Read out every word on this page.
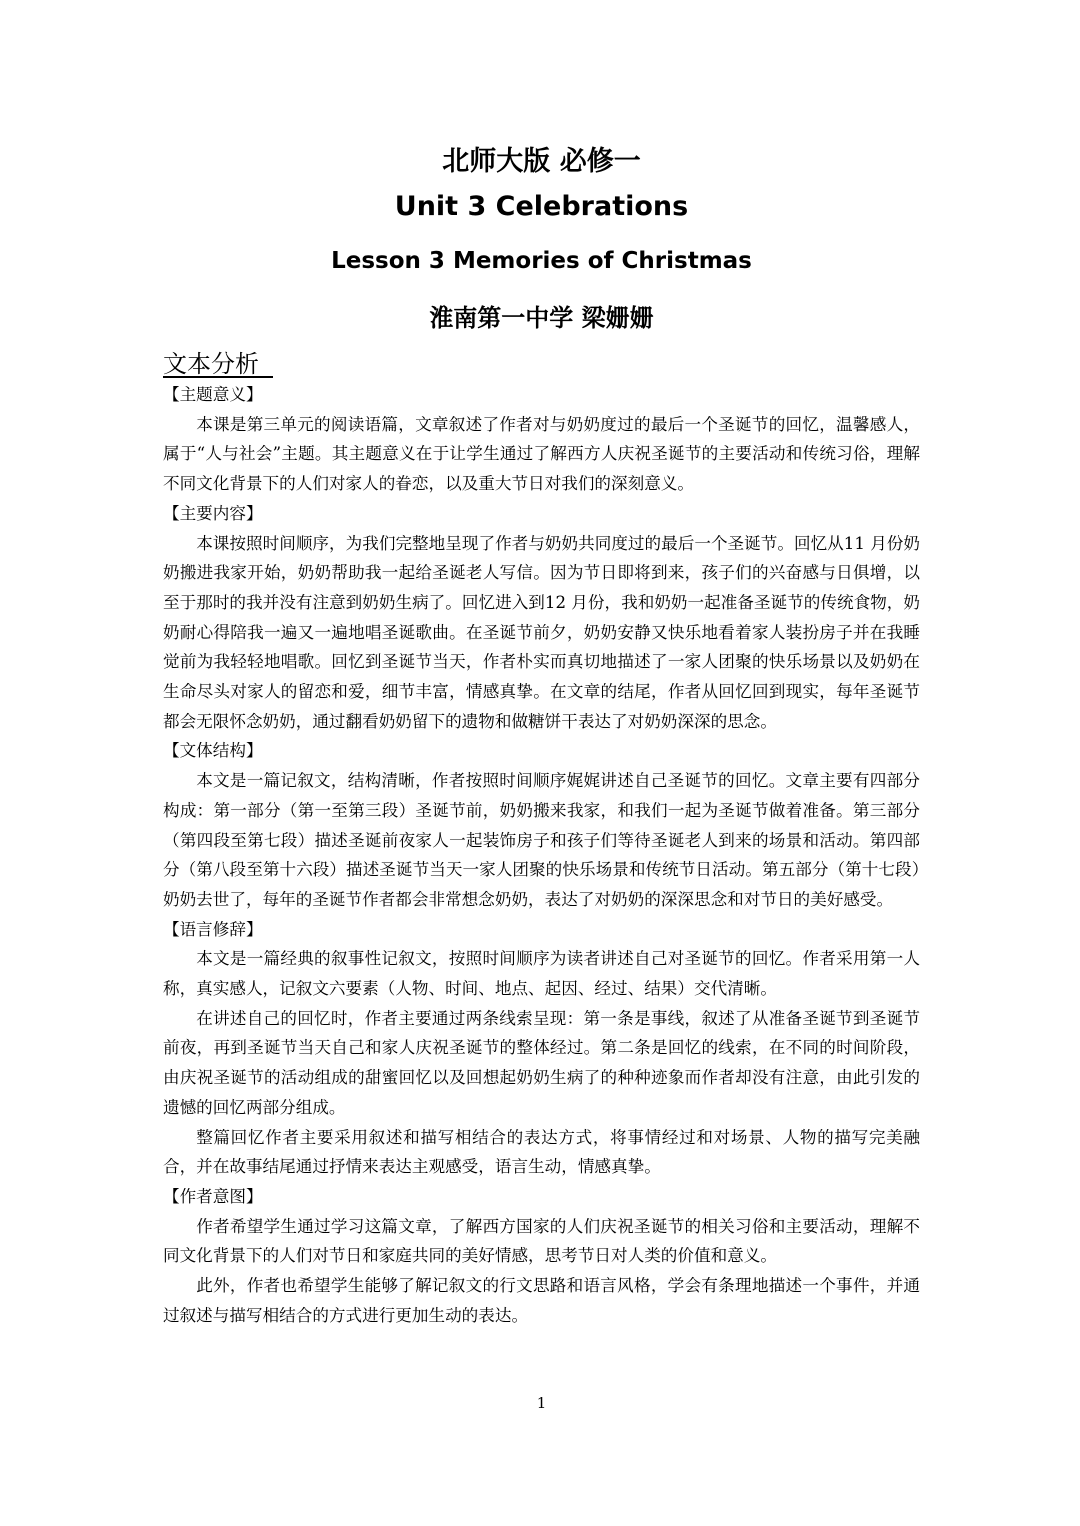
北师大版 必修一
Unit 3 Celebrations
Lesson 3 Memories of Christmas
淮南第一中学 梁姗姗
文本分析

【主题意义】

本课是第三单元的阅读语篇，文章叙述了作者对与奶奶度过的最后一个圣诞节的回忆，温馨感人，属于“人与社会”主题。其主题意义在于让学生通过了解西方人庆祝圣诞节的主要活动和传统习俗，理解不同文化背景下的人们对家人的眷恋，以及重大节日对我们的深刻意义。

【主要内容】

本课按照时间顺序，为我们完整地呈现了作者与奶奶共同度过的最后一个圣诞节。回忆从11 月份奶奶搬进我家开始，奶奶帮助我一起给圣诞老人写信。因为节日即将到来，孩子们的兴奋感与日俱增，以至于那时的我并没有注意到奶奶生病了。回忆进入到12 月份，我和奶奶一起准备圣诞节的传统食物，奶奶耐心得陪我一遍又一遍地唱圣诞歌曲。在圣诞节前夕，奶奶安静又快乐地看着家人装扮房子并在我睡觉前为我轻轻地唱歌。回忆到圣诞节当天，作者朴实而真切地描述了一家人团聚的快乐场景以及奶奶在生命尽头对家人的留恋和爱，细节丰富，情感真挚。在文章的结尾，作者从回忆回到现实，每年圣诞节都会无限怀念奶奶，通过翻看奶奶留下的遗物和做糖饼干表达了对奶奶深深的思念。

【文体结构】

本文是一篇记叙文，结构清晰，作者按照时间顺序娓娓讲述自己圣诞节的回忆。文章主要有四部分构成：第一部分（第一至第三段）圣诞节前，奶奶搬来我家，和我们一起为圣诞节做着准备。第三部分（第四段至第七段）描述圣诞前夜家人一起装饰房子和孩子们等待圣诞老人到来的场景和活动。第四部分（第八段至第十六段）描述圣诞节当天一家人团聚的快乐场景和传统节日活动。第五部分（第十七段）奶奶去世了，每年的圣诞节作者都会非常想念奶奶，表达了对奶奶的深深思念和对节日的美好感受。

【语言修辞】

本文是一篇经典的叙事性记叙文，按照时间顺序为读者讲述自己对圣诞节的回忆。作者采用第一人称，真实感人，记叙文六要素（人物、时间、地点、起因、经过、结果）交代清晰。

在讲述自己的回忆时，作者主要通过两条线索呈现：第一条是事线，叙述了从准备圣诞节到圣诞节前夜，再到圣诞节当天自己和家人庆祝圣诞节的整体经过。第二条是回忆的线索，在不同的时间阶段，由庆祝圣诞节的活动组成的甜蜜回忆以及回想起奶奶生病了的种种迹象而作者却没有注意，由此引发的遗憾的回忆两部分组成。

整篇回忆作者主要采用叙述和描写相结合的表达方式，将事情经过和对场景、人物的描写完美融合，并在故事结尾通过抒情来表达主观感受，语言生动，情感真挚。

【作者意图】

作者希望学生通过学习这篇文章，了解西方国家的人们庆祝圣诞节的相关习俗和主要活动，理解不同文化背景下的人们对节日和家庭共同的美好情感，思考节日对人类的价值和意义。

此外，作者也希望学生能够了解记叙文的行文思路和语言风格，学会有条理地描述一个事件，并通过叙述与描写相结合的方式进行更加生动的表达。

1
